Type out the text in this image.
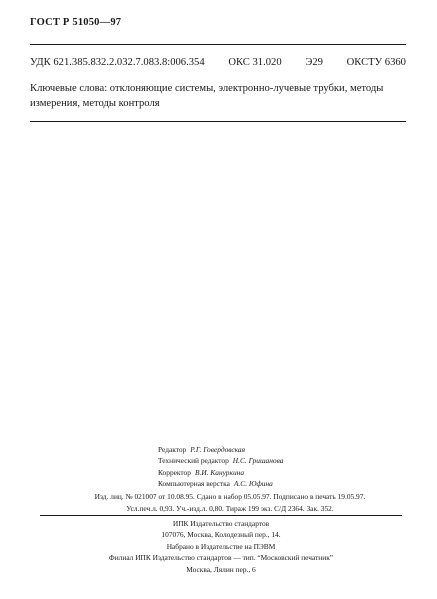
ГОСТ Р 51050—97
УДК 621.385.832.2.032.7.083.8:006.354 ОКС 31.020 Э29 ОКСТУ 6360
Ключевые слова: отклоняющие системы, электронно-лучевые трубки, методы измерения, методы контроля
Редактор Р.Г. Говердовская
Технический редактор Н.С. Гришанова
Корректор В.И. Кануркина
Компьютерная верстка А.С. Юфина
Изд. лиц. № 021007 от 10.08.95. Сдано в набор 05.05.97. Подписано в печать 19.05.97.
Усл.печ.л. 0,93. Уч.-изд.л. 0,80. Тираж 199 экз. С/Д 2364. Зак. 352.
ИПК Издательство стандартов
107076, Москва, Колодезный пер., 14.
Набрано в Издательстве на ПЭВМ
Филиал ИПК Издательство стандартов — тип. “Московский печатник”
Москва, Лялин пер., 6
